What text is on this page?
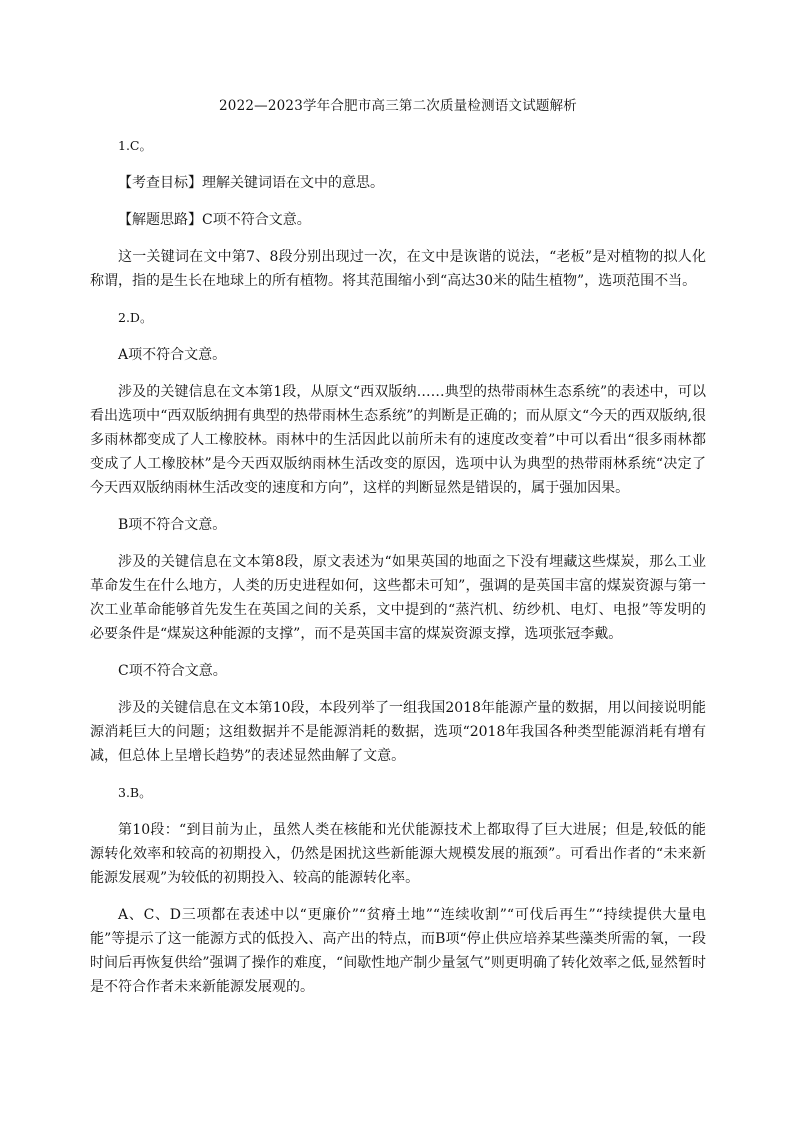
2022—2023学年合肥市高三第二次质量检测语文试题解析

1.C。

【考查目标】理解关键词语在文中的意思。

【解题思路】C项不符合文意。

这一关键词在文中第7、8段分别出现过一次，在文中是诙谐的说法，“老板”是对植物的拟人化称谓，指的是生长在地球上的所有植物。将其范围缩小到“高达30米的陆生植物”，选项范围不当。

2.D。

A项不符合文意。

涉及的关键信息在文本第1段，从原文“西双版纳……典型的热带雨林生态系统”的表述中，可以看出选项中“西双版纳拥有典型的热带雨林生态系统”的判断是正确的；而从原文“今天的西双版纳,很多雨林都变成了人工橡胶林。雨林中的生活因此以前所未有的速度改变着”中可以看出“很多雨林都变成了人工橡胶林”是今天西双版纳雨林生活改变的原因，选项中认为典型的热带雨林系统“决定了今天西双版纳雨林生活改变的速度和方向”，这样的判断显然是错误的，属于强加因果。

B项不符合文意。

涉及的关键信息在文本第8段，原文表述为“如果英国的地面之下没有埋藏这些煤炭，那么工业革命发生在什么地方，人类的历史进程如何，这些都未可知”，强调的是英国丰富的煤炭资源与第一次工业革命能够首先发生在英国之间的关系，文中提到的“蒸汽机、纺纱机、电灯、电报”等发明的必要条件是“煤炭这种能源的支撑”，而不是英国丰富的煤炭资源支撑，选项张冠李戴。

C项不符合文意。

涉及的关键信息在文本第10段，本段列举了一组我国2018年能源产量的数据，用以间接说明能源消耗巨大的问题；这组数据并不是能源消耗的数据，选项“2018年我国各种类型能源消耗有增有减，但总体上呈增长趋势”的表述显然曲解了文意。

3.B。

第10段：“到目前为止，虽然人类在核能和光伏能源技术上都取得了巨大进展；但是,较低的能源转化效率和较高的初期投入，仍然是困扰这些新能源大规模发展的瓶颈”。可看出作者的“未来新能源发展观”为较低的初期投入、较高的能源转化率。

A、C、D三项都在表述中以“更廉价”“贫瘠土地”“连续收割”“可伐后再生”“持续提供大量电能”等提示了这一能源方式的低投入、高产出的特点，而B项“停止供应培养某些藻类所需的氧，一段时间后再恢复供给”强调了操作的难度，“间歇性地产制少量氢气”则更明确了转化效率之低,显然暂时是不符合作者未来新能源发展观的。
